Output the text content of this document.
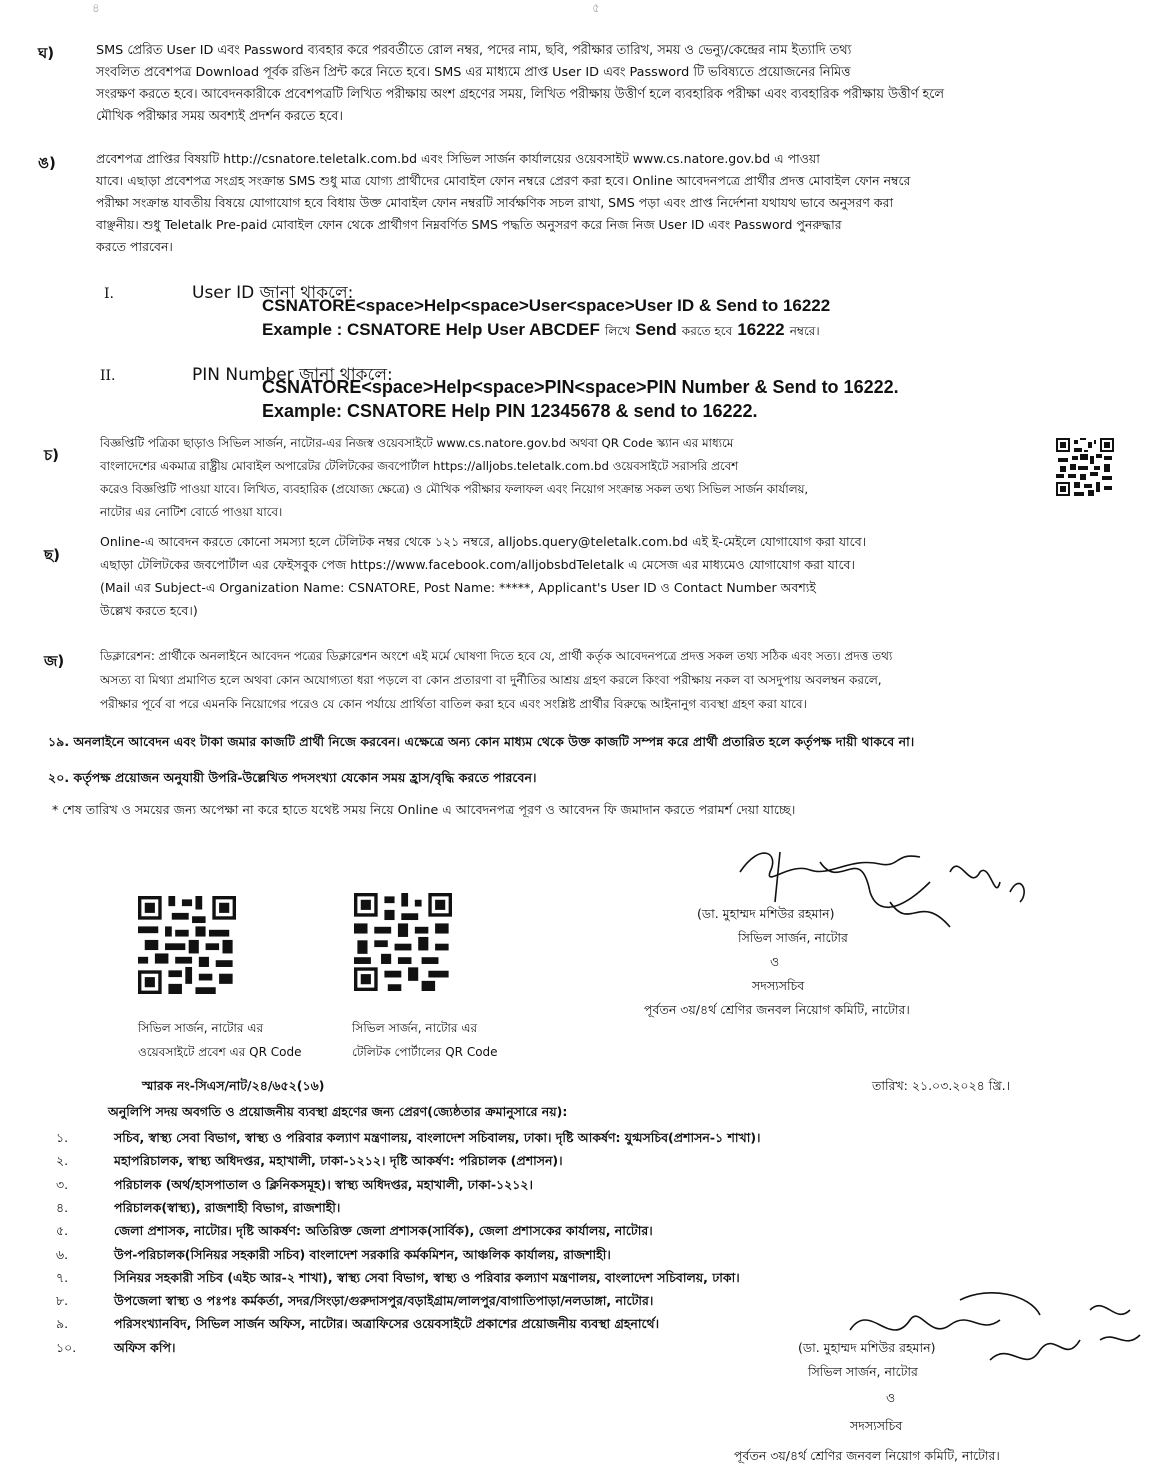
৪	৫
ঘ)	SMS প্রেরিত User ID এবং Password ব্যবহার করে পরবর্তীতে রোল নম্বর, পদের নাম, ছবি, পরীক্ষার তারিখ, সময় ও ভেন্যু/কেন্দ্রের নাম ইত্যাদি তথ্য
সংবলিত প্রবেশপত্র Download পূর্বক রঙিন প্রিন্ট করে নিতে হবে। SMS এর মাধ্যমে প্রাপ্ত User ID এবং Password টি ভবিষ্যতে প্রয়োজনের নিমিত্ত
সংরক্ষণ করতে হবে। আবেদনকারীকে প্রবেশপত্রটি লিখিত পরীক্ষায় অংশ গ্রহণের সময়, লিখিত পরীক্ষায় উত্তীর্ণ হলে ব্যবহারিক পরীক্ষা এবং ব্যবহারিক পরীক্ষায় উত্তীর্ণ হলে
মৌখিক পরীক্ষার সময় অবশ্যই প্রদর্শন করতে হবে।
ঙ)	প্রবেশপত্র প্রাপ্তির বিষয়টি http://csnatore.teletalk.com.bd এবং সিভিল সার্জন কার্যালয়ের ওয়েবসাইট www.cs.natore.gov.bd এ পাওয়া
যাবে। এছাড়া প্রবেশপত্র সংগ্রহ সংক্রান্ত SMS শুধু মাত্র যোগ্য প্রার্থীদের মোবাইল ফোন নম্বরে প্রেরণ করা হবে। Online আবেদনপত্রে প্রার্থীর প্রদত্ত মোবাইল ফোন নম্বরে
পরীক্ষা সংক্রান্ত যাবতীয় বিষয়ে যোগাযোগ হবে বিধায় উক্ত মোবাইল ফোন নম্বরটি সার্বক্ষণিক সচল রাখা, SMS পড়া এবং প্রাপ্ত নির্দেশনা যথাযথ ভাবে অনুসরণ করা
বাঞ্ছনীয়। শুধু Teletalk Pre-paid মোবাইল ফোন থেকে প্রার্থীগণ নিম্নবর্ণিত SMS পদ্ধতি অনুসরণ করে নিজ নিজ User ID এবং Password পুনরুদ্ধার
করতে পারবেন।
I.	User ID জানা থাকলে:
CSNATORE<space>Help<space>User<space>User ID & Send to 16222
Example : CSNATORE Help User ABCDEF লিখে Send করতে হবে 16222 নম্বরে।
II.	PIN Number জানা থাকলে:
CSNATORE<space>Help<space>PIN<space>PIN Number & Send to 16222.
Example: CSNATORE Help PIN 12345678 & send to 16222.
চ)
বিজ্ঞপ্তিটি পত্রিকা ছাড়াও সিভিল সার্জন, নাটোর-এর নিজস্ব ওয়েবসাইটে www.cs.natore.gov.bd অথবা QR Code স্ক্যান এর মাধ্যমে
বাংলাদেশের একমাত্র রাষ্ট্রীয় মোবাইল অপারেটর টেলিটকের জবপোর্টাল https://alljobs.teletalk.com.bd ওয়েবসাইটে সরাসরি প্রবেশ
করেও বিজ্ঞপ্তিটি পাওয়া যাবে। লিখিত, ব্যবহারিক (প্রযোজ্য ক্ষেত্রে) ও মৌখিক পরীক্ষার ফলাফল এবং নিয়োগ সংক্রান্ত সকল তথ্য সিভিল সার্জন কার্যালয়,
নাটোর এর নোটিশ বোর্ডে পাওয়া যাবে।
ছ)
Online-এ আবেদন করতে কোনো সমস্যা হলে টেলিটক নম্বর থেকে ১২১ নম্বরে, alljobs.query@teletalk.com.bd এই ই-মেইলে যোগাযোগ করা যাবে।
এছাড়া টেলিটকের জবপোর্টাল এর ফেইসবুক পেজ https://www.facebook.com/alljobsbdTeletalk এ মেসেজ এর মাধ্যমেও যোগাযোগ করা যাবে।
(Mail এর Subject-এ Organization Name: CSNATORE, Post Name: *****, Applicant's User ID ও Contact Number অবশ্যই
উল্লেখ করতে হবে।)
জ)	ডিক্লারেশন: প্রার্থীকে অনলাইনে আবেদন পত্রের ডিক্লারেশন অংশে এই মর্মে ঘোষণা দিতে হবে যে, প্রার্থী কর্তৃক আবেদনপত্রে প্রদত্ত সকল তথ্য সঠিক এবং সত্য। প্রদত্ত তথ্য
অসত্য বা মিথ্যা প্রমাণিত হলে অথবা কোন অযোগ্যতা ধরা পড়লে বা কোন প্রতারণা বা দুর্নীতির আশ্রয় গ্রহণ করলে কিংবা পরীক্ষায় নকল বা অসদুপায় অবলম্বন করলে,
পরীক্ষার পূর্বে বা পরে এমনকি নিয়োগের পরেও যে কোন পর্যায়ে প্রার্থিতা বাতিল করা হবে এবং সংশ্লিষ্ট প্রার্থীর বিরুদ্ধে আইনানুগ ব্যবস্থা গ্রহণ করা যাবে।
১৯. অনলাইনে আবেদন এবং টাকা জমার কাজটি প্রার্থী নিজে করবেন। এক্ষেত্রে অন্য কোন মাধ্যম থেকে উক্ত কাজটি সম্পন্ন করে প্রার্থী প্রতারিত হলে কর্তৃপক্ষ দায়ী থাকবে না।
২০. কর্তৃপক্ষ প্রয়োজন অনুযায়ী উপরি-উল্লেখিত পদসংখ্যা যেকোন সময় হ্রাস/বৃদ্ধি করতে পারবেন।
* শেষ তারিখ ও সময়ের জন্য অপেক্ষা না করে হাতে যথেষ্ট সময় নিয়ে Online এ আবেদনপত্র পূরণ ও আবেদন ফি জমাদান করতে পরামর্শ দেয়া যাচ্ছে।
(ডা. মুহাম্মদ মশিউর রহমান)
সিভিল সার্জন, নাটোর
ও
সদস্যসচিব
পূর্বতন ৩য়/৪র্থ শ্রেণির জনবল নিয়োগ কমিটি, নাটোর।
সিভিল সার্জন, নাটোর এর
ওয়েবসাইটে প্রবেশ এর QR Code
সিভিল সার্জন, নাটোর এর
টেলিটক পোর্টালের QR Code
স্মারক নং-সিএস/নাট/২৪/৬৫২(১৬)	তারিখ: ২১.০৩.২০২৪ খ্রি.।
অনুলিপি সদয় অবগতি ও প্রয়োজনীয় ব্যবস্থা গ্রহণের জন্য প্রেরণ(জ্যেষ্ঠতার ক্রমানুসারে নয়):
১.	সচিব, স্বাস্থ্য সেবা বিভাগ, স্বাস্থ্য ও পরিবার কল্যাণ মন্ত্রণালয়, বাংলাদেশ সচিবালয়, ঢাকা। দৃষ্টি আকর্ষণ: যুগ্মসচিব(প্রশাসন-১ শাখা)।
২.	মহাপরিচালক, স্বাস্থ্য অধিদপ্তর, মহাখালী, ঢাকা-১২১২। দৃষ্টি আকর্ষণ: পরিচালক (প্রশাসন)।
৩.	পরিচালক (অর্থ/হাসপাতাল ও ক্লিনিকসমূহ)। স্বাস্থ্য অধিদপ্তর, মহাখালী, ঢাকা-১২১২।
৪.	পরিচালক(স্বাস্থ্য), রাজশাহী বিভাগ, রাজশাহী।
৫.	জেলা প্রশাসক, নাটোর। দৃষ্টি আকর্ষণ: অতিরিক্ত জেলা প্রশাসক(সার্বিক), জেলা প্রশাসকের কার্যালয়, নাটোর।
৬.	উপ-পরিচালক(সিনিয়র সহকারী সচিব) বাংলাদেশ সরকারি কর্মকমিশন, আঞ্চলিক কার্যালয়, রাজশাহী।
৭.	সিনিয়র সহকারী সচিব (এইচ আর-২ শাখা), স্বাস্থ্য সেবা বিভাগ, স্বাস্থ্য ও পরিবার কল্যাণ মন্ত্রণালয়, বাংলাদেশ সচিবালয়, ঢাকা।
৮.	উপজেলা স্বাস্থ্য ও পঃপঃ কর্মকর্তা, সদর/সিংড়া/গুরুদাসপুর/বড়াইগ্রাম/লালপুর/বাগাতিপাড়া/নলডাঙ্গা, নাটোর।
৯.	পরিসংখ্যানবিদ, সিভিল সার্জন অফিস, নাটোর। অত্রাফিসের ওয়েবসাইটে প্রকাশের প্রয়োজনীয় ব্যবস্থা গ্রহনার্থে।
১০.	অফিস কপি।	(ডা. মুহাম্মদ মশিউর রহমান)
সিভিল সার্জন, নাটোর
ও
সদস্যসচিব
পূর্বতন ৩য়/৪র্থ শ্রেণির জনবল নিয়োগ কমিটি, নাটোর।
